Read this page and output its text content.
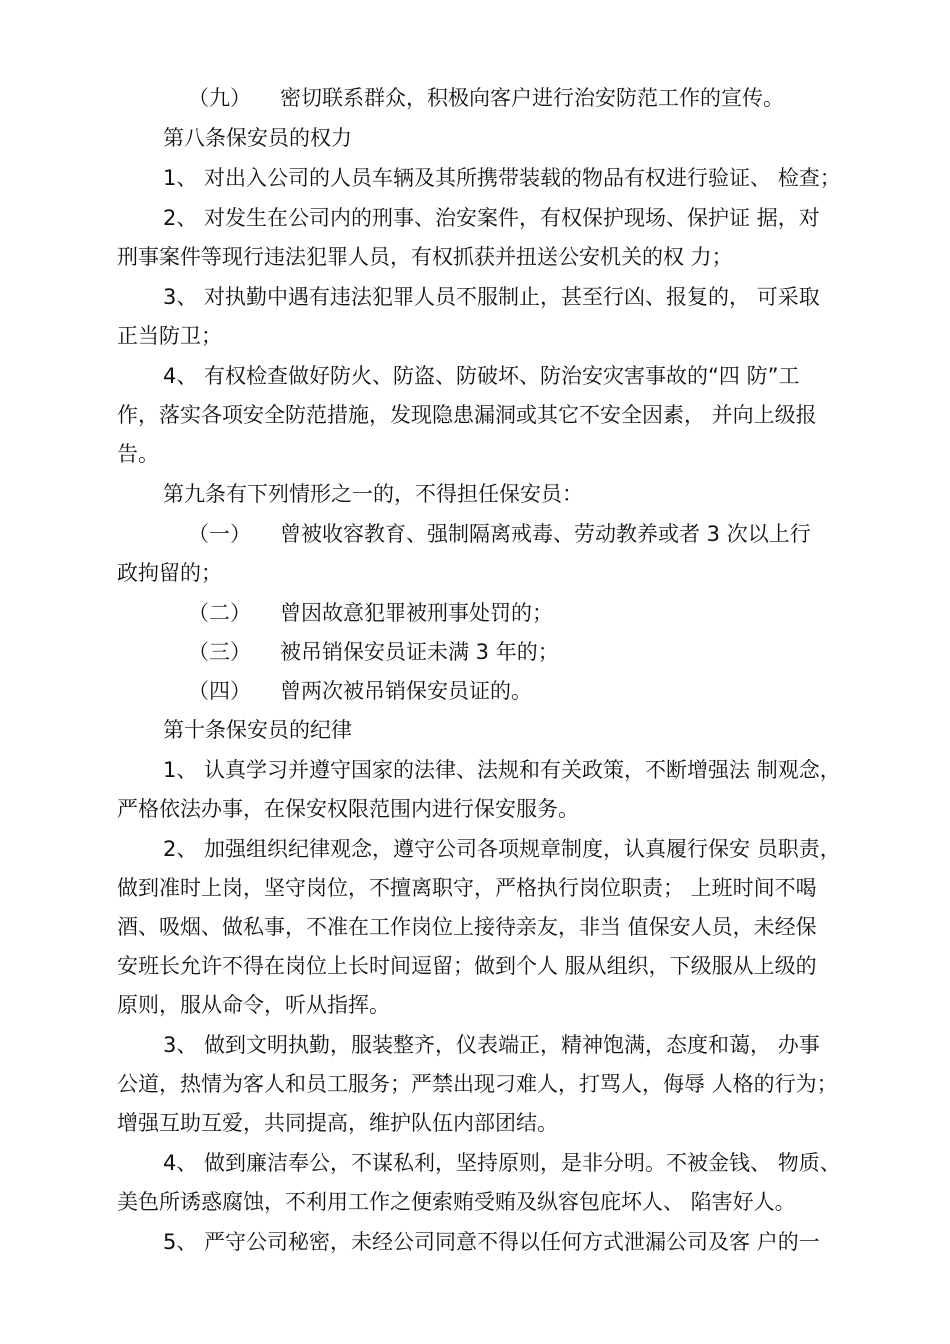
（九） 密切联系群众，积极向客户进行治安防范工作的宣传。
第八条保安员的权力
1、 对出入公司的人员车辆及其所携带装载的物品有权进行验证、 检查；
2、 对发生在公司内的刑事、治安案件，有权保护现场、保护证 据，对
刑事案件等现行违法犯罪人员，有权抓获并扭送公安机关的权 力；
3、 对执勤中遇有违法犯罪人员不服制止，甚至行凶、报复的， 可采取
正当防卫；
4、 有权检查做好防火、防盗、防破坏、防治安灾害事故的“四 防”工
作，落实各项安全防范措施，发现隐患漏洞或其它不安全因素， 并向上级报
告。
第九条有下列情形之一的，不得担任保安员：
（一） 曾被收容教育、强制隔离戒毒、劳动教养或者 3 次以上行
政拘留的；
（二） 曾因故意犯罪被刑事处罚的；
（三） 被吊销保安员证未满 3 年的；
（四） 曾两次被吊销保安员证的。
第十条保安员的纪律
1、 认真学习并遵守国家的法律、法规和有关政策，不断增强法 制观念，
严格依法办事，在保安权限范围内进行保安服务。
2、 加强组织纪律观念，遵守公司各项规章制度，认真履行保安 员职责，
做到准时上岗，坚守岗位，不擅离职守，严格执行岗位职责； 上班时间不喝
酒、吸烟、做私事，不准在工作岗位上接待亲友，非当 值保安人员，未经保
安班长允许不得在岗位上长时间逗留；做到个人 服从组织，下级服从上级的
原则，服从命令，听从指挥。
3、 做到文明执勤，服装整齐，仪表端正，精神饱满，态度和蔼， 办事
公道，热情为客人和员工服务；严禁出现刁难人，打骂人，侮辱 人格的行为；
增强互助互爱，共同提高，维护队伍内部团结。
4、 做到廉洁奉公，不谋私利，坚持原则，是非分明。不被金钱、 物质、
美色所诱惑腐蚀，不利用工作之便索贿受贿及纵容包庇坏人、 陷害好人。
5、 严守公司秘密，未经公司同意不得以任何方式泄漏公司及客 户的一
